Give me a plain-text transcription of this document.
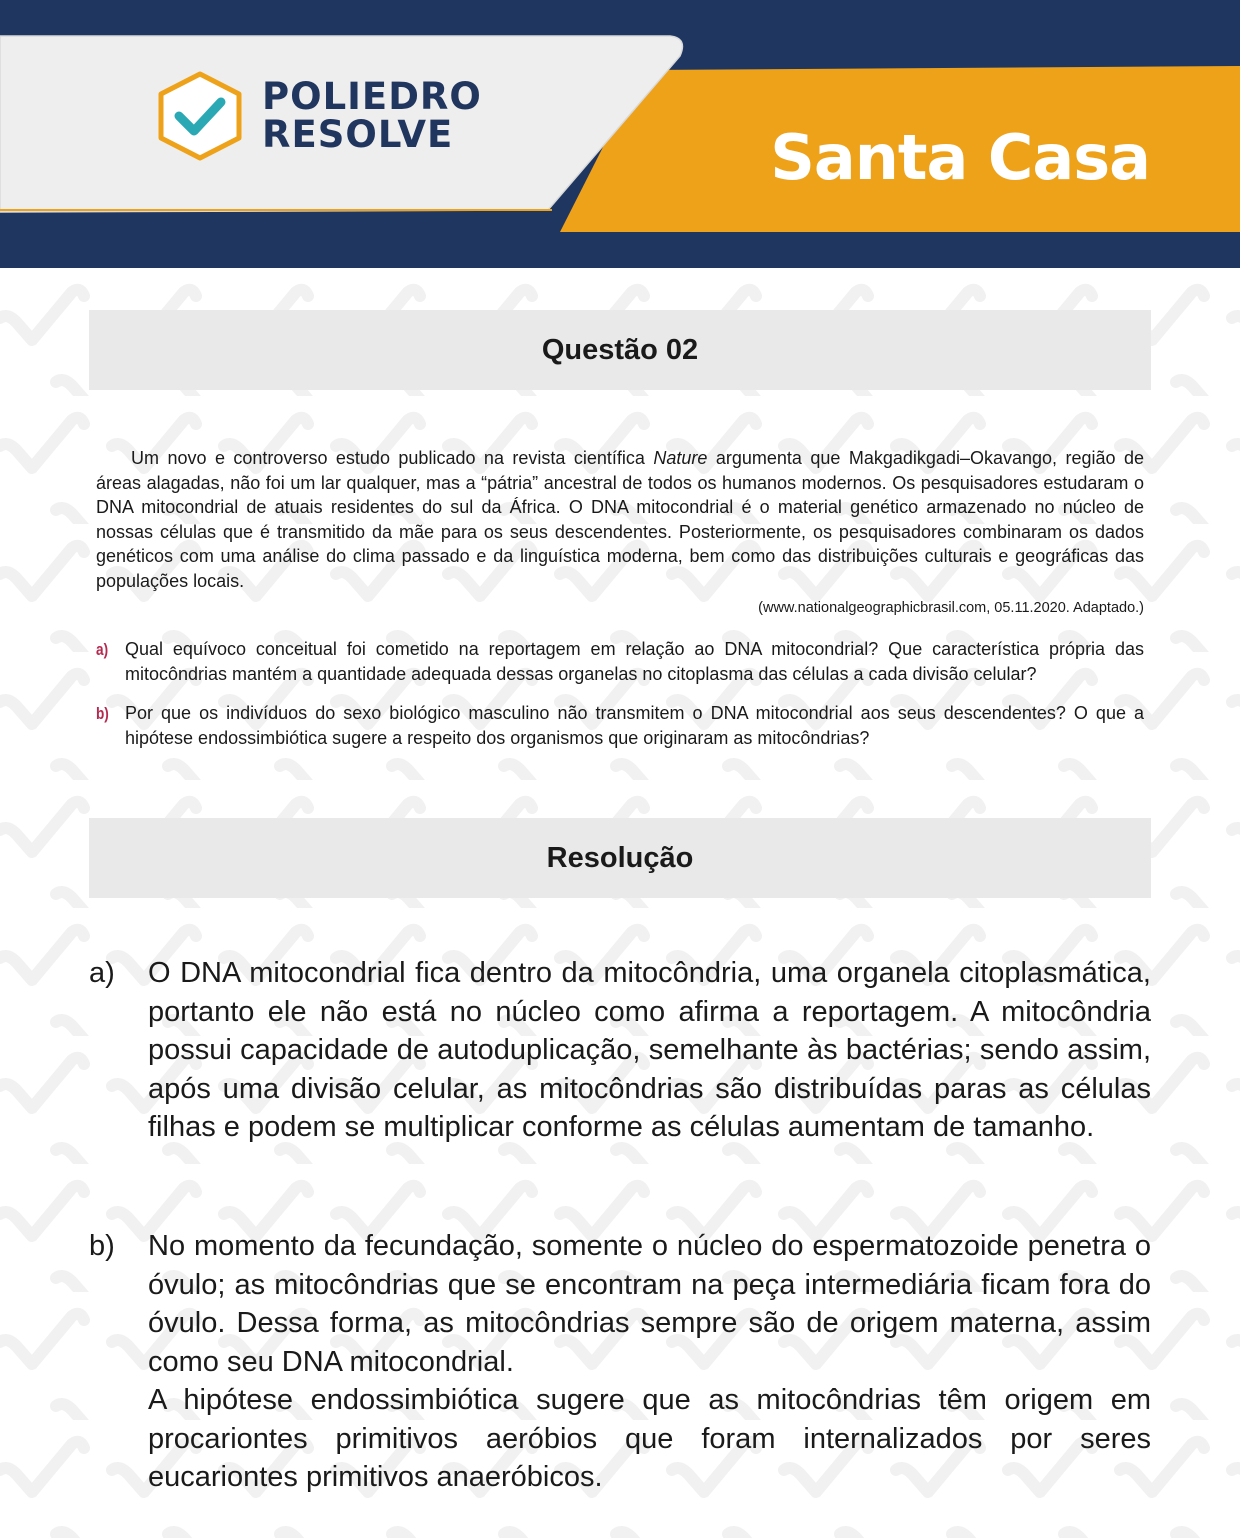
POLIEDRO
RESOLVE	Santa Casa
Questão 02

Um novo e controverso estudo publicado na revista científica Nature argumenta que Makgadikgadi–Okavango, região de áreas alagadas, não foi um lar qualquer, mas a “pátria” ancestral de todos os humanos modernos. Os pesquisadores estudaram o DNA mitocondrial de atuais residentes do sul da África. O DNA mitocondrial é o material genético armazenado no núcleo de nossas células que é transmitido da mãe para os seus descendentes. Posteriormente, os pesquisadores combinaram os dados genéticos com uma análise do clima passado e da linguística moderna, bem como das distribuições culturais e geográficas das populações locais.

(www.nationalgeographicbrasil.com, 05.11.2020. Adaptado.)
a) Qual equívoco conceitual foi cometido na reportagem em relação ao DNA mitocondrial? Que característica própria das mitocôndrias mantém a quantidade adequada dessas organelas no citoplasma das células a cada divisão celular?
b) Por que os indivíduos do sexo biológico masculino não transmitem o DNA mitocondrial aos seus descendentes? O que a hipótese endossimbiótica sugere a respeito dos organismos que originaram as mitocôndrias?
Resolução
a) O DNA mitocondrial fica dentro da mitocôndria, uma organela citoplasmática, portanto ele não está no núcleo como afirma a reportagem. A mitocôndria possui capacidade de autoduplicação, semelhante às bactérias; sendo assim, após uma divisão celular, as mitocôndrias são distribuídas paras as células filhas e podem se multiplicar conforme as células aumentam de tamanho.

b) No momento da fecundação, somente o núcleo do espermatozoide penetra o óvulo; as mitocôndrias que se encontram na peça intermediária ficam fora do óvulo. Dessa forma, as mitocôndrias sempre são de origem materna, assim como seu DNA mitocondrial.

A hipótese endossimbiótica sugere que as mitocôndrias têm origem em procariontes primitivos aeróbios que foram internalizados por seres eucariontes primitivos anaeróbicos.
